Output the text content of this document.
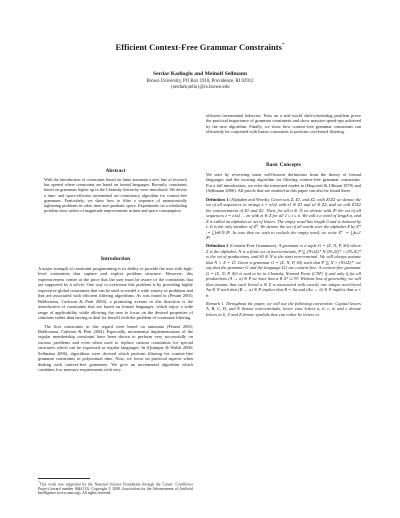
Efficient Context-Free Grammar Constraints*
Serdar Kadioglu and Meinolf Sellmann
Brown University, PO Box 1910, Providence, RI 02912
{serdark,sello}@cs.brown.edu
Abstract
With the introduction of constraints based on finite automata a new line of research has opened where constraints are based on formal languages. Recently, constraints based on grammars higher up in the Chomsky hierarchy were introduced. We devise a time- and space-efficient incremental arc-consistency algorithm for context-free grammars. Particularly, we show how to filter a sequence of monotonically tightening problems in cubic time and quadratic space. Experiments on a scheduling problem show orders of magnitude improvements in time and space consumption.
Introduction

A major strength of constraint programming is its ability to provide the user with high-level constraints that capture and exploit problem structure. However, this expressiveness comes at the price that the user must be aware of the constraints that are supported by a solver. One way to overcome this problem is by providing highly expressive global constraints that can be used to model a wide variety of problems and that are associated with efficient filtering algorithms. As was found in (Pesant 2003; Beldiceanu, Carlsson & Petit 2004), a promising avenue in this direction is the introduction of constraints that are based on formal languages, which enjoy a wide range of applicability while allowing the user to focus on the desired properties of solutions rather than having to deal for herself with the problem of constraint filtering.

The first constraints in this regard were based on automata (Pesant 2003; Beldiceanu, Carlsson & Petit 2004). Especially, incremental implementations of the regular membership constraint have been shown to perform very successfully on various problems and even when used to replace custom constraints for special structures which can be expressed as regular languages. In (Quimper & Walsh 2006; Sellmann 2006), algorithms were devised which perform filtering for context-free grammar constraints in polynomial time. Now, we focus on practical aspects when dealing with context-free grammars. We give an incremental algorithm which combines low memory requirements with very

*This work was supported by the National Science Foundation through the Career: Cornflower Project (award number 0644113). Copyright © 2008, Association for the Advancement of Artificial Intelligence (www.aaai.org). All rights reserved.

efficient incremental behavior. Tests on a real-world shift-scheduling problem prove the practical importance of grammar constraints and show massive speed-ups achieved by the new algorithm. Finally, we show how context-free grammar constraints can efficiently be conjoined with linear constraints to perform cost-based filtering.

Basic Concepts

We start by reviewing some well-known definitions from the theory of formal languages and the existing algorithm for filtering context-free grammar constraints. For a full introduction, we refer the interested reader to (Hopcroft & Ullman 1979) and (Sellmann 2006). All proofs that are omitted in this paper can also be found there.

Definition 1 (Alphabet and Words). Given sets Z, Z1, and Z2, with Z1Z2 we denote the set of all sequences or strings z = z1z2 with z1 ∈ Z1 and z2 ∈ Z2, and we call Z1Z2 the concatenation of Z1 and Z2. Then, for all n ∈ ℕ we denote with Zⁿ the set of all sequences z = z1z2 … zn with zi ∈ Z for all 1 ≤ i ≤ n. We call z a word of length n, and Z is called an alphabet or set of letters. The empty word has length 0 and is denoted by ε. It is the only member of Z⁰. We denote the set of all words over the alphabet Z by Z* := ⋃n∈ℕ Zⁿ. In case that we wish to exclude the empty word, we write Z⁺ := ⋃n≥1 Zⁿ.

Definition 2 (Context-Free Grammars). A grammar is a tuple G = (Σ, N, P, S0) where Σ is the alphabet, N is a finite set of non-terminals, P ⊆ (N∪Σ)* N (N∪Σ)* × (N∪Σ)* is the set of productions, and S0 ∈ N is the start non-terminal. We will always assume that N ∩ Σ = ∅. Given a grammar G = (Σ, N, P, S0) such that P ⊆ N × (N∪Σ)*, we say that the grammar G and the language LG are context-free. A context-free grammar G = (Σ, N, P, S0) is said to be in Chomsky Normal Form (CNF) if and only if for all productions (A → α) ∈ P we have that α ∈ Σ¹ ∪ N². Without loss of generality, we will then assume that each literal a ∈ Σ is associated with exactly one unique non-literal Aa ∈ N such that (B → a) ∈ P implies that B = Aa and (Aa → b) ∈ P implies that a = b.

Remark 1. Throughout the paper, we will use the following convention: Capital letters A, B, C, D, and E denote non-terminals, lower case letters a, b, c, d, and e denote letters in Σ, Y and Z denote symbols that can either be letters or
